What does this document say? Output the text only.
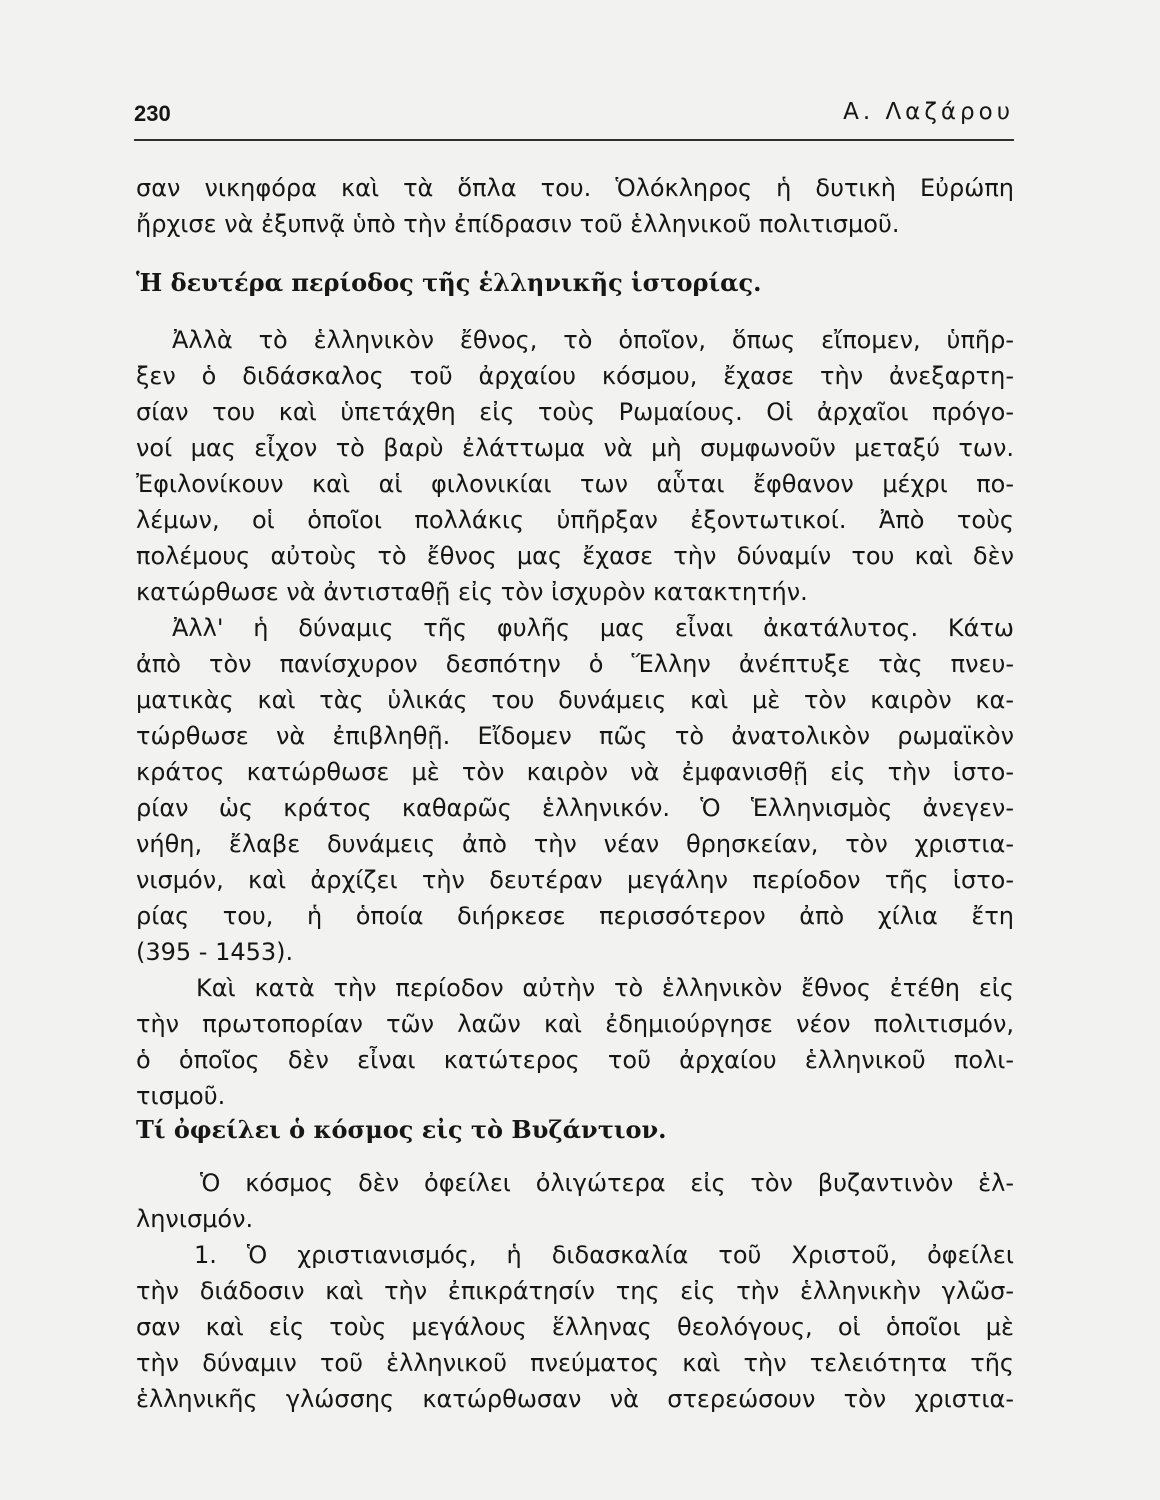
230	Α. Λαζάρου
σαν νικηφόρα καὶ τὰ ὅπλα του. Ὁλόκληρος ἡ δυτικὴ Εὐρώπη
ἤρχισε νὰ ἐξυπνᾷ ὑπὸ τὴν ἐπίδρασιν τοῦ ἑλληνικοῦ πολιτισμοῦ.
Ἡ δευτέρα περίοδος τῆς ἑλληνικῆς ἱστορίας.
Ἀλλὰ τὸ ἑλληνικὸν ἔθνος, τὸ ὁποῖον, ὅπως εἴπομεν, ὑπῆρ-
ξεν ὁ διδάσκαλος τοῦ ἀρχαίου κόσμου, ἔχασε τὴν ἀνεξαρτη-
σίαν του καὶ ὑπετάχθη εἰς τοὺς Ρωμαίους. Οἱ ἀρχαῖοι πρόγο-
νοί μας εἶχον τὸ βαρὺ ἐλάττωμα νὰ μὴ συμφωνοῦν μεταξύ των.
Ἐφιλονίκουν καὶ αἱ φιλονικίαι των αὗται ἔφθανον μέχρι πο-
λέμων, οἱ ὁποῖοι πολλάκις ὑπῆρξαν ἐξοντωτικοί. Ἀπὸ τοὺς
πολέμους αὐτοὺς τὸ ἔθνος μας ἔχασε τὴν δύναμίν του καὶ δὲν
κατώρθωσε νὰ ἀντισταθῇ εἰς τὸν ἰσχυρὸν κατακτητήν.
Ἀλλ' ἡ δύναμις τῆς φυλῆς μας εἶναι ἀκατάλυτος. Κάτω
ἀπὸ τὸν πανίσχυρον δεσπότην ὁ Ἕλλην ἀνέπτυξε τὰς πνευ-
ματικὰς καὶ τὰς ὑλικάς του δυνάμεις καὶ μὲ τὸν καιρὸν κα-
τώρθωσε νὰ ἐπιβληθῇ. Εἴδομεν πῶς τὸ ἀνατολικὸν ρωμαϊκὸν
κράτος κατώρθωσε μὲ τὸν καιρὸν νὰ ἐμφανισθῇ εἰς τὴν ἱστο-
ρίαν ὡς κράτος καθαρῶς ἑλληνικόν. Ὁ Ἑλληνισμὸς ἀνεγεν-
νήθη, ἔλαβε δυνάμεις ἀπὸ τὴν νέαν θρησκείαν, τὸν χριστια-
νισμόν, καὶ ἀρχίζει τὴν δευτέραν μεγάλην περίοδον τῆς ἱστο-
ρίας του, ἡ ὁποία διήρκεσε περισσότερον ἀπὸ χίλια ἔτη
(395 - 1453).
Καὶ κατὰ τὴν περίοδον αὐτὴν τὸ ἑλληνικὸν ἔθνος ἐτέθη εἰς
τὴν πρωτοπορίαν τῶν λαῶν καὶ ἐδημιούργησε νέον πολιτισμόν,
ὁ ὁποῖος δὲν εἶναι κατώτερος τοῦ ἀρχαίου ἑλληνικοῦ πολι-
τισμοῦ.
Τί ὀφείλει ὁ κόσμος εἰς τὸ Βυζάντιον.
Ὁ κόσμος δὲν ὀφείλει ὀλιγώτερα εἰς τὸν βυζαντινὸν ἑλ-
ληνισμόν.
1. Ὁ χριστιανισμός, ἡ διδασκαλία τοῦ Χριστοῦ, ὀφείλει
τὴν διάδοσιν καὶ τὴν ἐπικράτησίν της εἰς τὴν ἑλληνικὴν γλῶσ-
σαν καὶ εἰς τοὺς μεγάλους ἕλληνας θεολόγους, οἱ ὁποῖοι μὲ
τὴν δύναμιν τοῦ ἑλληνικοῦ πνεύματος καὶ τὴν τελειότητα τῆς
ἑλληνικῆς γλώσσης κατώρθωσαν νὰ στερεώσουν τὸν χριστια-
